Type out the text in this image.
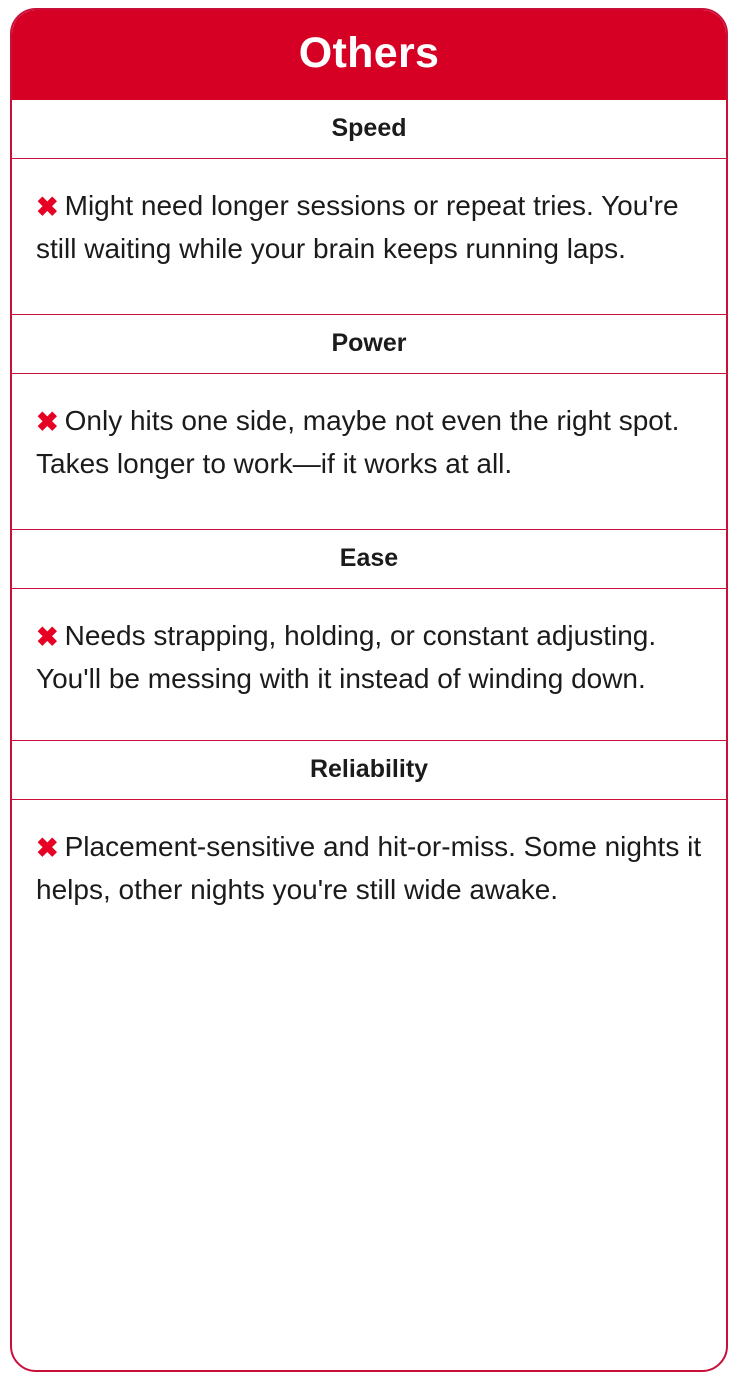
Others
Speed

✖ Might need longer sessions or repeat tries. You're still waiting while your brain keeps running laps.

Power

✖ Only hits one side, maybe not even the right spot. Takes longer to work—if it works at all.

Ease

✖ Needs strapping, holding, or constant adjusting. You'll be messing with it instead of winding down.

Reliability

✖ Placement-sensitive and hit-or-miss. Some nights it helps, other nights you're still wide awake.
